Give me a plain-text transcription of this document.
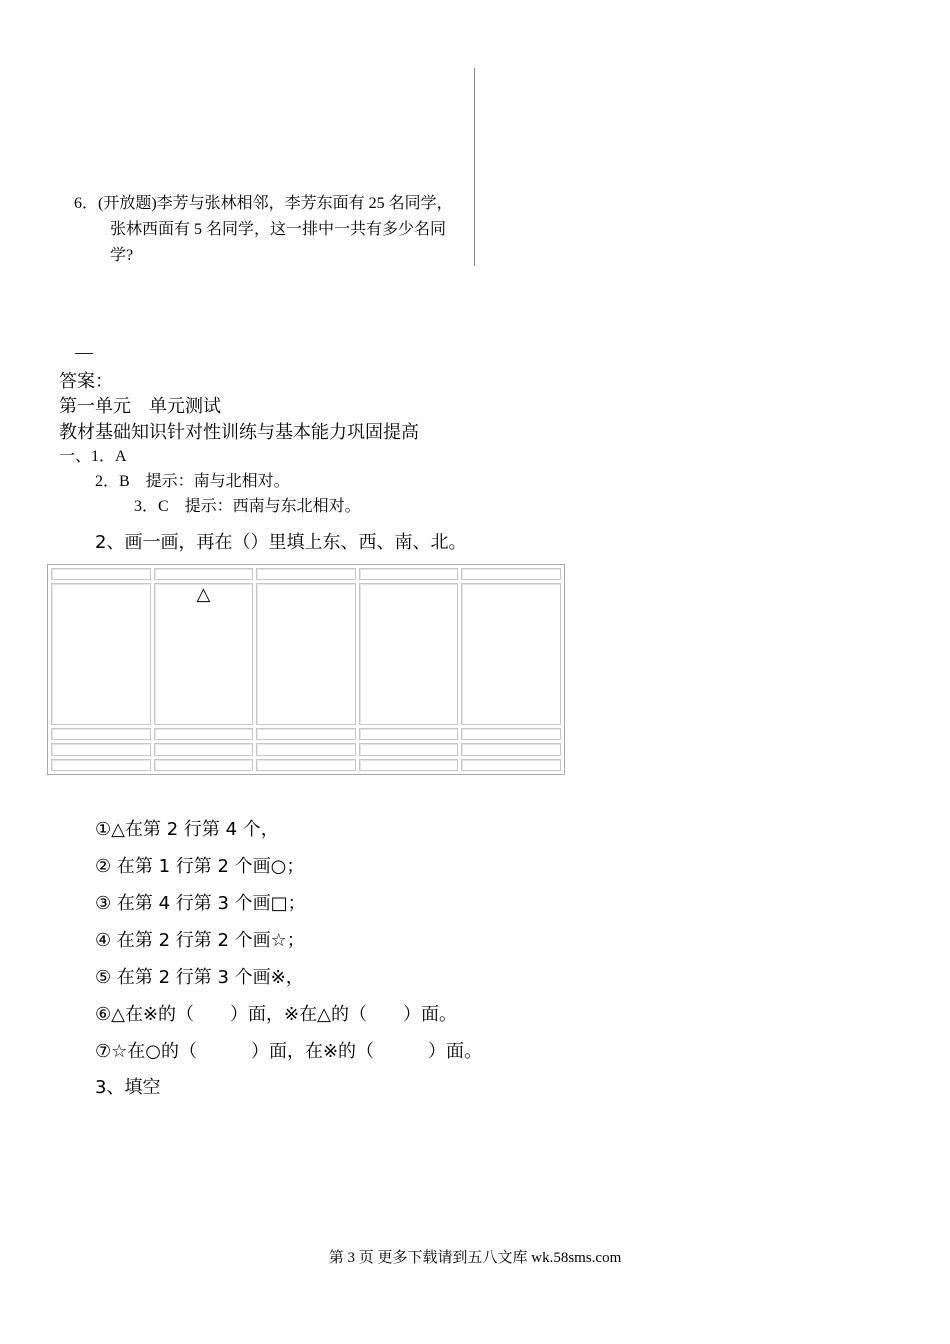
6．(开放题)李芳与张林相邻，李芳东面有 25 名同学，
张林西面有 5 名同学，这一排中一共有多少名同
学?
—
答案：
第一单元　单元测试
教材基础知识针对性训练与基本能力巩固提高
一、1．A
2．B　提示：南与北相对。
3．C　提示：西南与东北相对。
2、画一画，再在（）里填上东、西、南、北。

	△			

①△在第 2 行第 4 个，
② 在第 1 行第 2 个画○；
③ 在第 4 行第 3 个画□；
④ 在第 2 行第 2 个画☆；
⑤ 在第 2 行第 3 个画※，
⑥△在※的（　　）面，※在△的（　　）面。
⑦☆在○的（　　　）面，在※的（　　　）面。
3、填空
第 3 页 更多下载请到五八文库 wk.58sms.com
